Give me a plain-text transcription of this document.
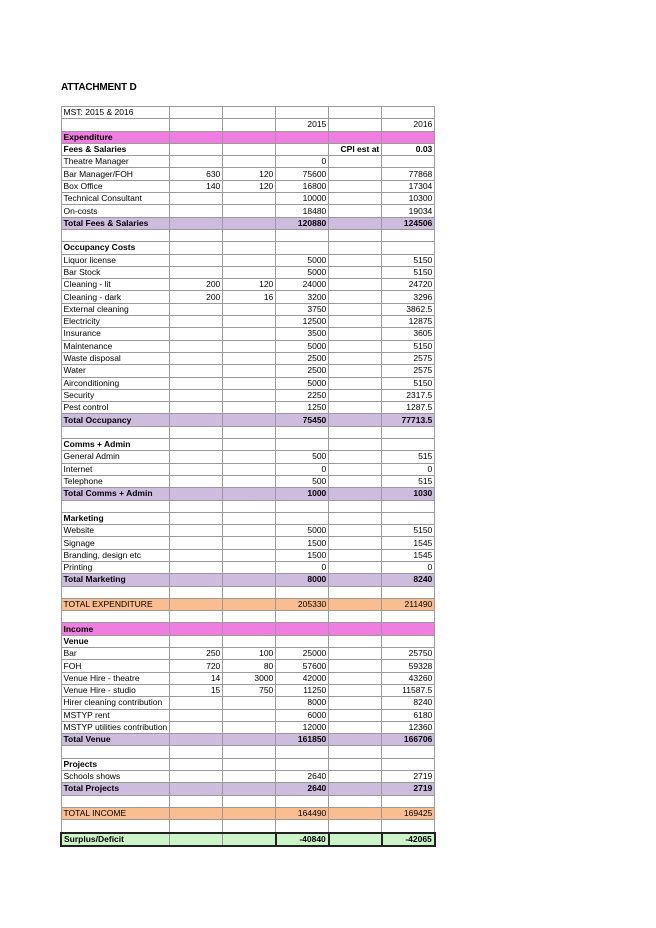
ATTACHMENT D
MST: 2015 & 2016					
			2015		2016
Expenditure					
Fees & Salaries				CPI est at	0.03
Theatre Manager			0		
Bar Manager/FOH	630	120	75600		77868
Box Office	140	120	16800		17304
Technical Consultant			10000		10300
On-costs			18480		19034
Total Fees & Salaries			120880		124506

Occupancy Costs					
Liquor license			5000		5150
Bar Stock			5000		5150
Cleaning - lit	200	120	24000		24720
Cleaning - dark	200	16	3200		3296
External cleaning			3750		3862.5
Electricity			12500		12875
Insurance			3500		3605
Maintenance			5000		5150
Waste disposal			2500		2575
Water			2500		2575
Airconditioning			5000		5150
Security			2250		2317.5
Pest control			1250		1287.5
Total Occupancy			75450		77713.5

Comms + Admin					
General Admin			500		515
Internet			0		0
Telephone			500		515
Total Comms + Admin			1000		1030

Marketing					
Website			5000		5150
Signage			1500		1545
Branding, design etc			1500		1545
Printing			0		0
Total Marketing			8000		8240

TOTAL EXPENDITURE			205330		211490

Income					
Venue					
Bar	250	100	25000		25750
FOH	720	80	57600		59328
Venue Hire - theatre	14	3000	42000		43260
Venue Hire - studio	15	750	11250		11587.5
Hirer cleaning contribution			8000		8240
MSTYP rent			6000		6180
MSTYP utilities contribution			12000		12360
Total Venue			161850		166706

Projects					
Schools shows			2640		2719
Total Projects			2640		2719

TOTAL INCOME			164490		169425

Surplus/Deficit			-40840		-42065
